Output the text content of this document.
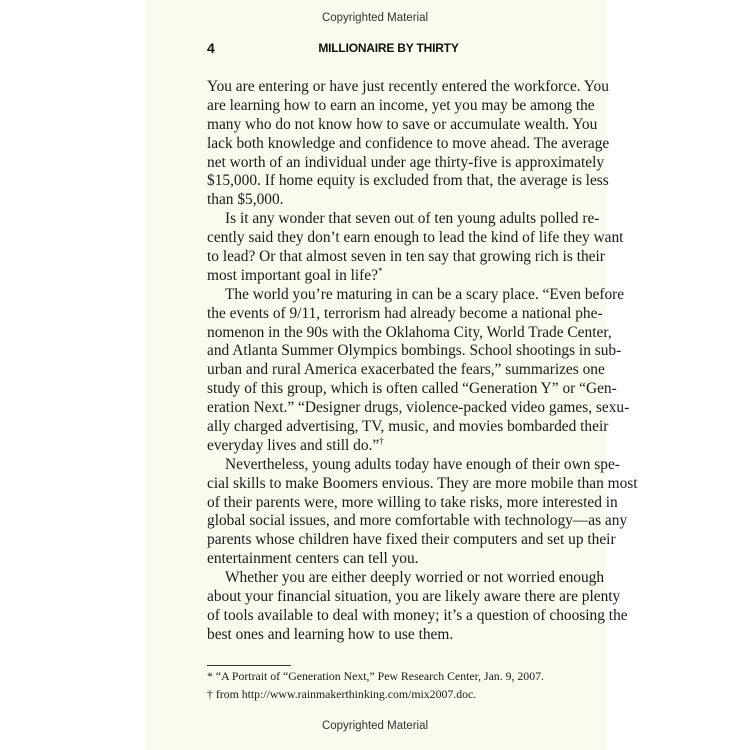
Copyrighted Material
4	MILLIONAIRE BY THIRTY
You are entering or have just recently entered the workforce. You
are learning how to earn an income, yet you may be among the
many who do not know how to save or accumulate wealth. You
lack both knowledge and confidence to move ahead. The average
net worth of an individual under age thirty-five is approximately
$15,000. If home equity is excluded from that, the average is less
than $5,000.
Is it any wonder that seven out of ten young adults polled re-
cently said they don’t earn enough to lead the kind of life they want
to lead? Or that almost seven in ten say that growing rich is their
most important goal in life?*
The world you’re maturing in can be a scary place. “Even before
the events of 9/11, terrorism had already become a national phe-
nomenon in the 90s with the Oklahoma City, World Trade Center,
and Atlanta Summer Olympics bombings. School shootings in sub-
urban and rural America exacerbated the fears,” summarizes one
study of this group, which is often called “Generation Y” or “Gen-
eration Next.” “Designer drugs, violence-packed video games, sexu-
ally charged advertising, TV, music, and movies bombarded their
everyday lives and still do.”†
Nevertheless, young adults today have enough of their own spe-
cial skills to make Boomers envious. They are more mobile than most
of their parents were, more willing to take risks, more interested in
global social issues, and more comfortable with technology—as any
parents whose children have fixed their computers and set up their
entertainment centers can tell you.
Whether you are either deeply worried or not worried enough
about your financial situation, you are likely aware there are plenty
of tools available to deal with money; it’s a question of choosing the
best ones and learning how to use them.
* “A Portrait of “Generation Next,” Pew Research Center, Jan. 9, 2007.
† from http://www.rainmakerthinking.com/mix2007.doc.
Copyrighted Material
